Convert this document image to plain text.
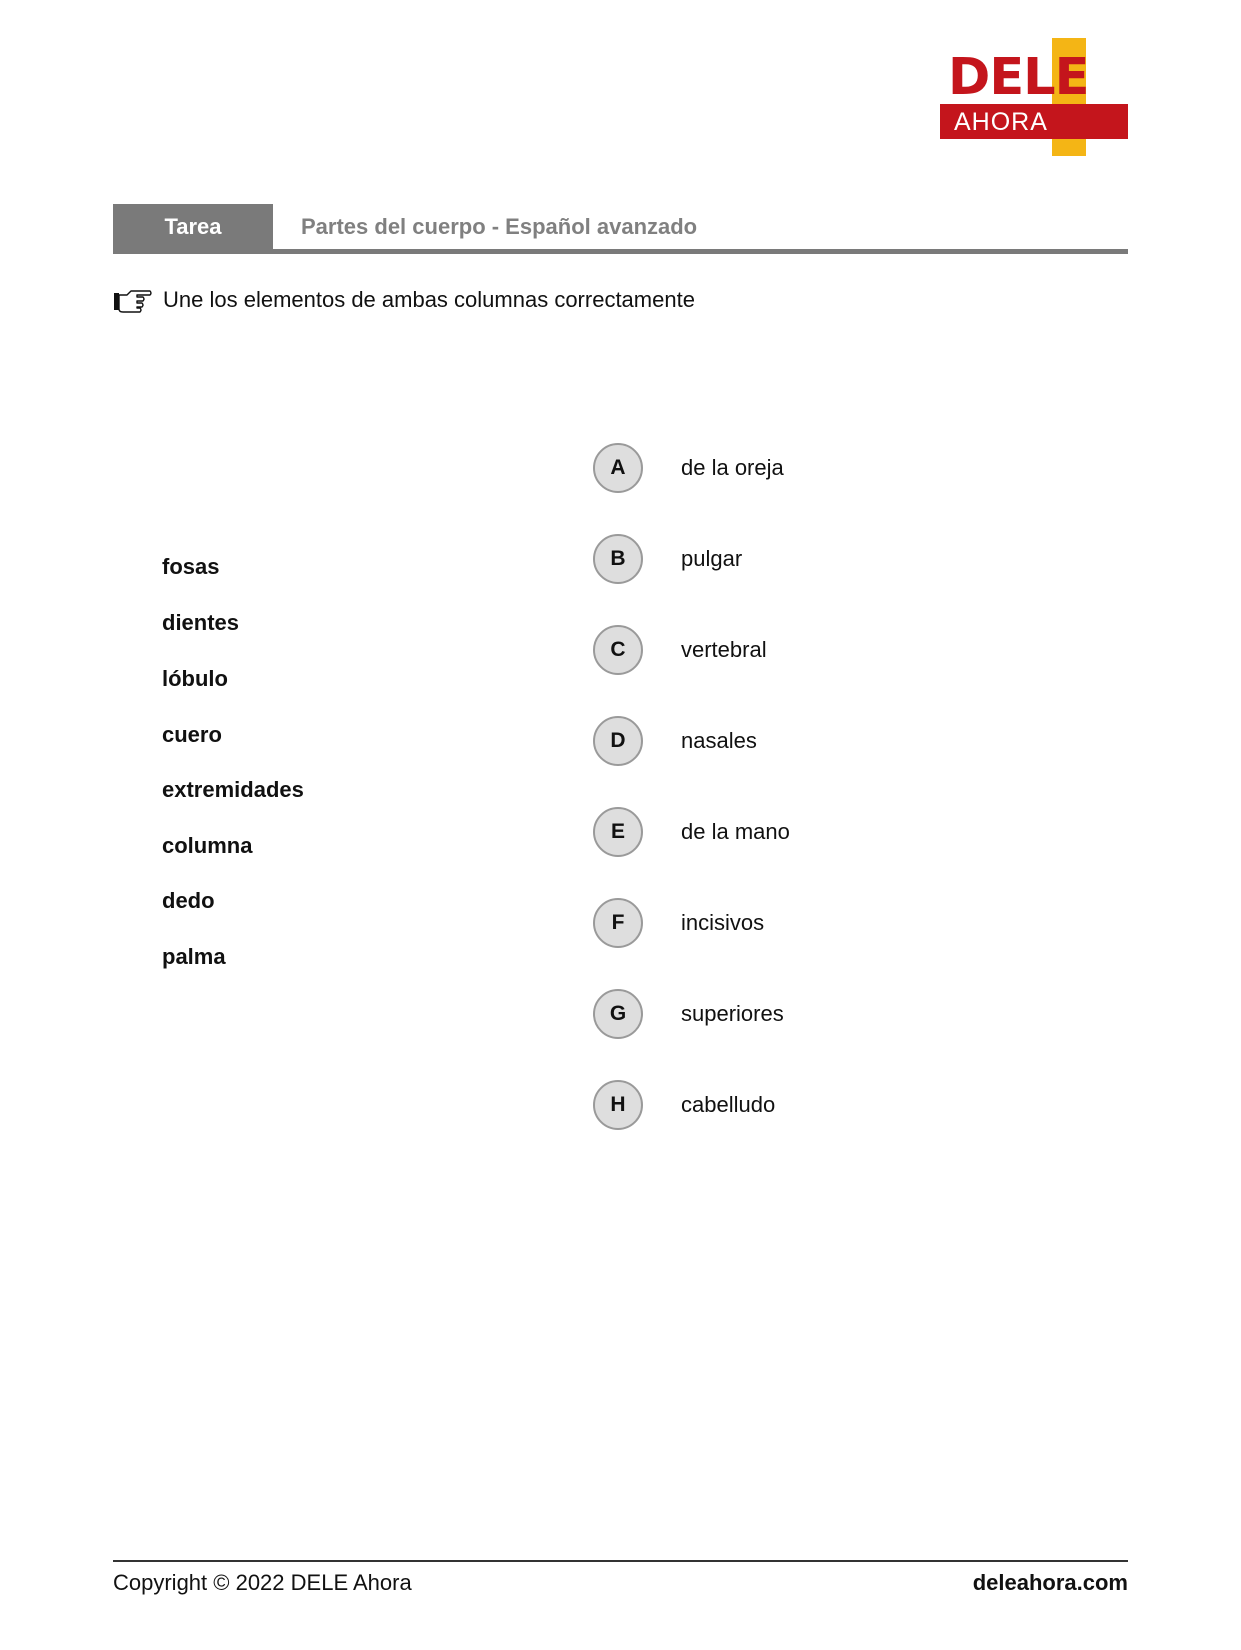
DELE
AHORA
Tarea	Partes del cuerpo - Español avanzado
Une los elementos de ambas columnas correctamente
fosas
dientes
lóbulo
cuero
extremidades
columna
dedo
palma
A	de la oreja
B	pulgar
C	vertebral
D	nasales
E	de la mano
F	incisivos
G	superiores
H	cabelludo
Copyright © 2022 DELE Ahora	deleahora.com
